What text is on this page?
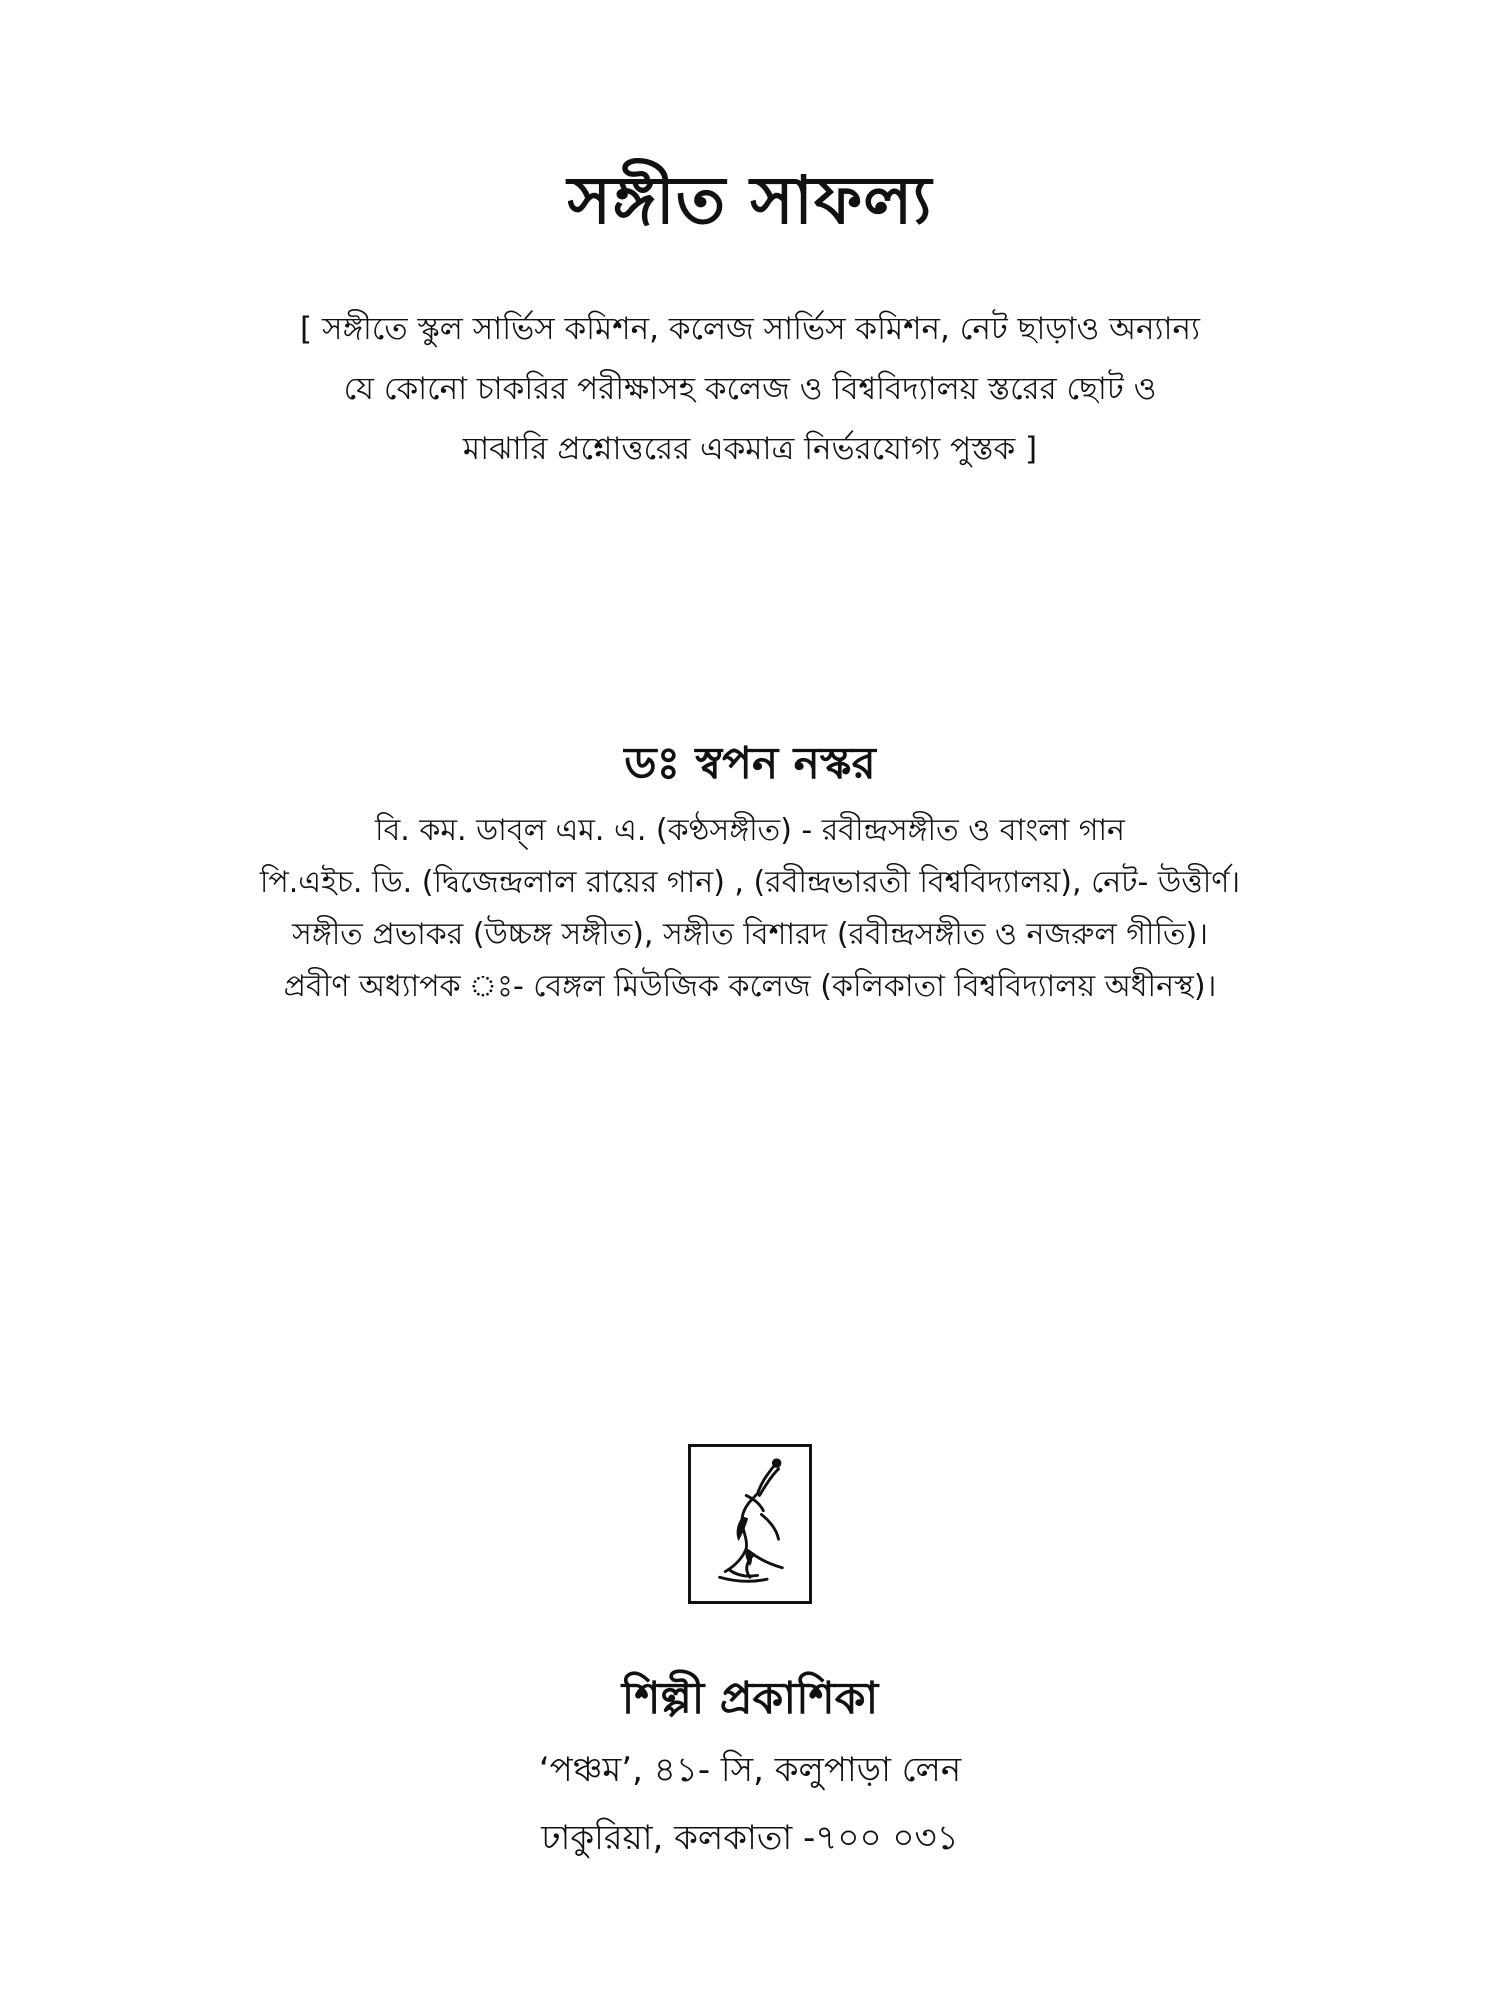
সঙ্গীত সাফল্য
[ সঙ্গীতে স্কুল সার্ভিস কমিশন, কলেজ সার্ভিস কমিশন, নেট ছাড়াও অন্যান্য
যে কোনো চাকরির পরীক্ষাসহ কলেজ ও বিশ্ববিদ্যালয় স্তরের ছোট ও
মাঝারি প্রশ্নোত্তরের একমাত্র নির্ভরযোগ্য পুস্তক ]
ডঃ স্বপন নস্কর
বি. কম. ডাব্‌ল এম. এ. (কণ্ঠসঙ্গীত) - রবীন্দ্রসঙ্গীত ও বাংলা গান
পি.এইচ. ডি. (দ্বিজেন্দ্রলাল রায়ের গান) , (রবীন্দ্রভারতী বিশ্ববিদ্যালয়), নেট- উত্তীর্ণ।
সঙ্গীত প্রভাকর (উচ্চঙ্গ সঙ্গীত), সঙ্গীত বিশারদ (রবীন্দ্রসঙ্গীত ও নজরুল গীতি)।
প্রবীণ অধ্যাপক ঃ- বেঙ্গল মিউজিক কলেজ (কলিকাতা বিশ্ববিদ্যালয় অধীনস্থ)।
শিল্পী প্রকাশিকা
‘পঞ্চম’, ৪১- সি, কলুপাড়া লেন
ঢাকুরিয়া, কলকাতা -৭০০ ০৩১
